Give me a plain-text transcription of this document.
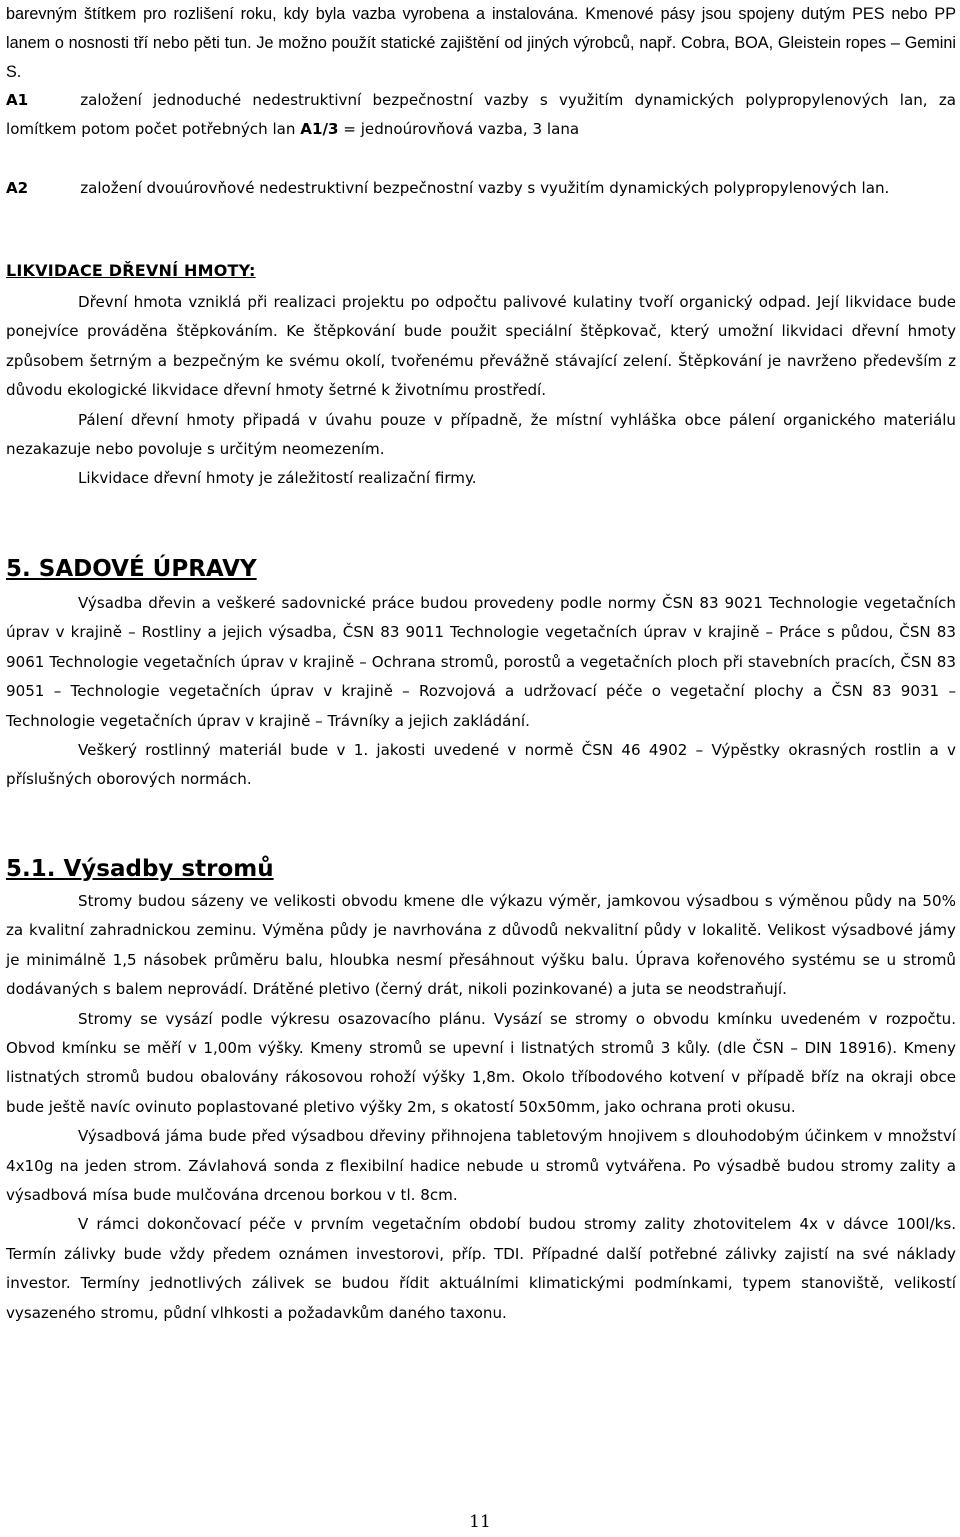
barevným štítkem pro rozlišení roku, kdy byla vazba vyrobena a instalována. Kmenové pásy jsou spojeny dutým PES nebo PP lanem o nosnosti tří nebo pěti tun. Je možno použít statické zajištění od jiných výrobců, např. Cobra, BOA, Gleistein ropes – Gemini S.

A1	založení jednoduché nedestruktivní bezpečnostní vazby s využitím dynamických polypropylenových lan, za lomítkem potom počet potřebných lan A1/3 = jednoúrovňová vazba, 3 lana

A2	založení dvouúrovňové nedestruktivní bezpečnostní vazby s využitím dynamických polypropylenových lan.

LIKVIDACE DŘEVNÍ HMOTY:

Dřevní hmota vzniklá při realizaci projektu po odpočtu palivové kulatiny tvoří organický odpad. Její likvidace bude ponejvíce prováděna štěpkováním. Ke štěpkování bude použit speciální štěpkovač, který umožní likvidaci dřevní hmoty způsobem šetrným a bezpečným ke svému okolí, tvořenému převážně stávající zelení. Štěpkování je navrženo především z důvodu ekologické likvidace dřevní hmoty šetrné k životnímu prostředí.

Pálení dřevní hmoty připadá v úvahu pouze v případně, že místní vyhláška obce pálení organického materiálu nezakazuje nebo povoluje s určitým neomezením.

Likvidace dřevní hmoty je záležitostí realizační firmy.

5. SADOVÉ ÚPRAVY

Výsadba dřevin a veškeré sadovnické práce budou provedeny podle normy ČSN 83 9021 Technologie vegetačních úprav v krajině – Rostliny a jejich výsadba, ČSN 83 9011 Technologie vegetačních úprav v krajině – Práce s půdou, ČSN 83 9061 Technologie vegetačních úprav v krajině – Ochrana stromů, porostů a vegetačních ploch při stavebních pracích, ČSN 83 9051 – Technologie vegetačních úprav v krajině – Rozvojová a udržovací péče o vegetační plochy a ČSN 83 9031 – Technologie vegetačních úprav v krajině – Trávníky a jejich zakládání.

Veškerý rostlinný materiál bude v 1. jakosti uvedené v normě ČSN 46 4902 – Výpěstky okrasných rostlin a v příslušných oborových normách.

5.1. Výsadby stromů

Stromy budou sázeny ve velikosti obvodu kmene dle výkazu výměr, jamkovou výsadbou s výměnou půdy na 50% za kvalitní zahradnickou zeminu. Výměna půdy je navrhována z důvodů nekvalitní půdy v lokalitě. Velikost výsadbové jámy je minimálně 1,5 násobek průměru balu, hloubka nesmí přesáhnout výšku balu. Úprava kořenového systému se u stromů dodávaných s balem neprovádí. Drátěné pletivo (černý drát, nikoli pozinkované) a juta se neodstraňují.

Stromy se vysází podle výkresu osazovacího plánu. Vysází se stromy o obvodu kmínku uvedeném v rozpočtu. Obvod kmínku se měří v 1,00m výšky. Kmeny stromů se upevní i listnatých stromů 3 kůly. (dle ČSN – DIN 18916). Kmeny listnatých stromů budou obalovány rákosovou rohoží výšky 1,8m. Okolo tříbodového kotvení v případě bříz na okraji obce bude ještě navíc ovinuto poplastované pletivo výšky 2m, s okatostí 50x50mm, jako ochrana proti okusu.

Výsadbová jáma bude před výsadbou dřeviny přihnojena tabletovým hnojivem s dlouhodobým účinkem v množství 4x10g na jeden strom. Závlahová sonda z flexibilní hadice nebude u stromů vytvářena. Po výsadbě budou stromy zality a výsadbová mísa bude mulčována drcenou borkou v tl. 8cm.

V rámci dokončovací péče v prvním vegetačním období budou stromy zality zhotovitelem 4x v dávce 100l/ks. Termín zálivky bude vždy předem oznámen investorovi, příp. TDI. Případné další potřebné zálivky zajistí na své náklady investor. Termíny jednotlivých zálivek se budou řídit aktuálními klimatickými podmínkami, typem stanoviště, velikostí vysazeného stromu, půdní vlhkosti a požadavkům daného taxonu.

11
